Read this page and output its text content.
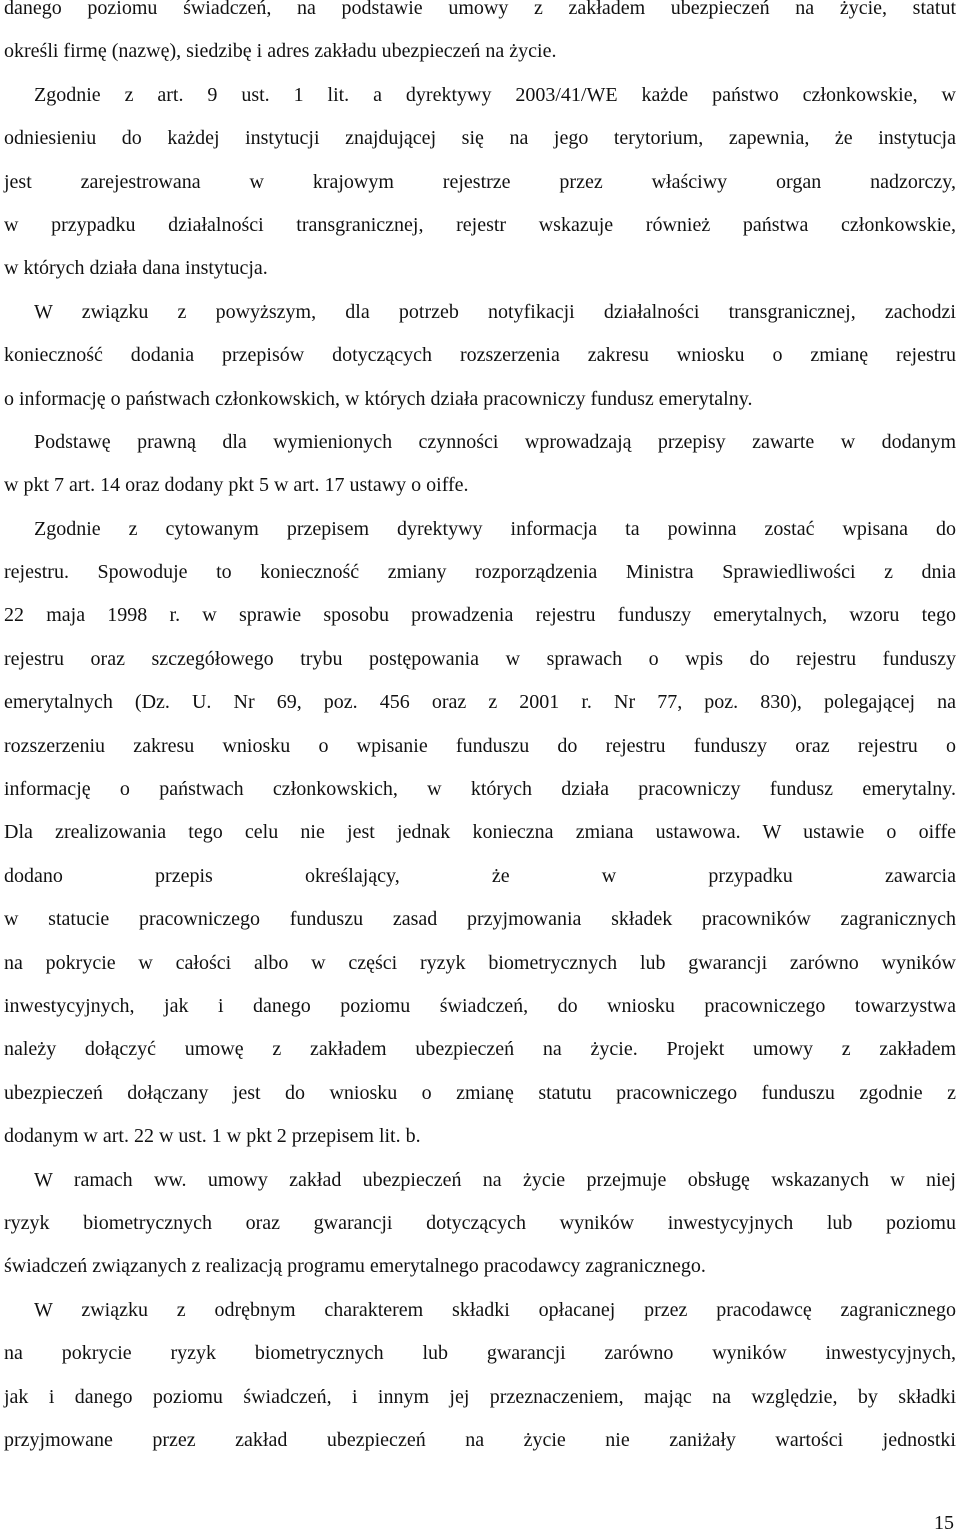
danego poziomu świadczeń, na podstawie umowy z zakładem ubezpieczeń na życie, statut
określi firmę (nazwę), siedzibę i adres zakładu ubezpieczeń na życie.
Zgodnie z art. 9 ust. 1 lit. a dyrektywy 2003/41/WE każde państwo członkowskie, w
odniesieniu do każdej instytucji znajdującej się na jego terytorium, zapewnia, że instytucja
jest zarejestrowana w krajowym rejestrze przez właściwy organ nadzorczy,
w przypadku działalności transgranicznej, rejestr wskazuje również państwa członkowskie,
w których działa dana instytucja.
W związku z powyższym, dla potrzeb notyfikacji działalności transgranicznej, zachodzi
konieczność dodania przepisów dotyczących rozszerzenia zakresu wniosku o zmianę rejestru
o informację o państwach członkowskich, w których działa pracowniczy fundusz emerytalny.
Podstawę prawną dla wymienionych czynności wprowadzają przepisy zawarte w dodanym
w pkt 7 art. 14 oraz dodany pkt 5 w art. 17 ustawy o oiffe.
Zgodnie z cytowanym przepisem dyrektywy informacja ta powinna zostać wpisana do
rejestru. Spowoduje to konieczność zmiany rozporządzenia Ministra Sprawiedliwości z dnia
22 maja 1998 r. w sprawie sposobu prowadzenia rejestru funduszy emerytalnych, wzoru tego
rejestru oraz szczegółowego trybu postępowania w sprawach o wpis do rejestru funduszy
emerytalnych (Dz. U. Nr 69, poz. 456 oraz z 2001 r. Nr 77, poz. 830), polegającej na
rozszerzeniu zakresu wniosku o wpisanie funduszu do rejestru funduszy oraz rejestru o
informację o państwach członkowskich, w których działa pracowniczy fundusz emerytalny.
Dla zrealizowania tego celu nie jest jednak konieczna zmiana ustawowa. W ustawie o oiffe
dodano przepis określający, że w przypadku zawarcia
w statucie pracowniczego funduszu zasad przyjmowania składek pracowników zagranicznych
na pokrycie w całości albo w części ryzyk biometrycznych lub gwarancji zarówno wyników
inwestycyjnych, jak i danego poziomu świadczeń, do wniosku pracowniczego towarzystwa
należy dołączyć umowę z zakładem ubezpieczeń na życie. Projekt umowy z zakładem
ubezpieczeń dołączany jest do wniosku o zmianę statutu pracowniczego funduszu zgodnie z
dodanym w art. 22 w ust. 1 w pkt 2 przepisem lit. b.
W ramach ww. umowy zakład ubezpieczeń na życie przejmuje obsługę wskazanych w niej
ryzyk biometrycznych oraz gwarancji dotyczących wyników inwestycyjnych lub poziomu
świadczeń związanych z realizacją programu emerytalnego pracodawcy zagranicznego.
W związku z odrębnym charakterem składki opłacanej przez pracodawcę zagranicznego
na pokrycie ryzyk biometrycznych lub gwarancji zarówno wyników inwestycyjnych,
jak i danego poziomu świadczeń, i innym jej przeznaczeniem, mając na względzie, by składki
przyjmowane przez zakład ubezpieczeń na życie nie zaniżały wartości jednostki
15
